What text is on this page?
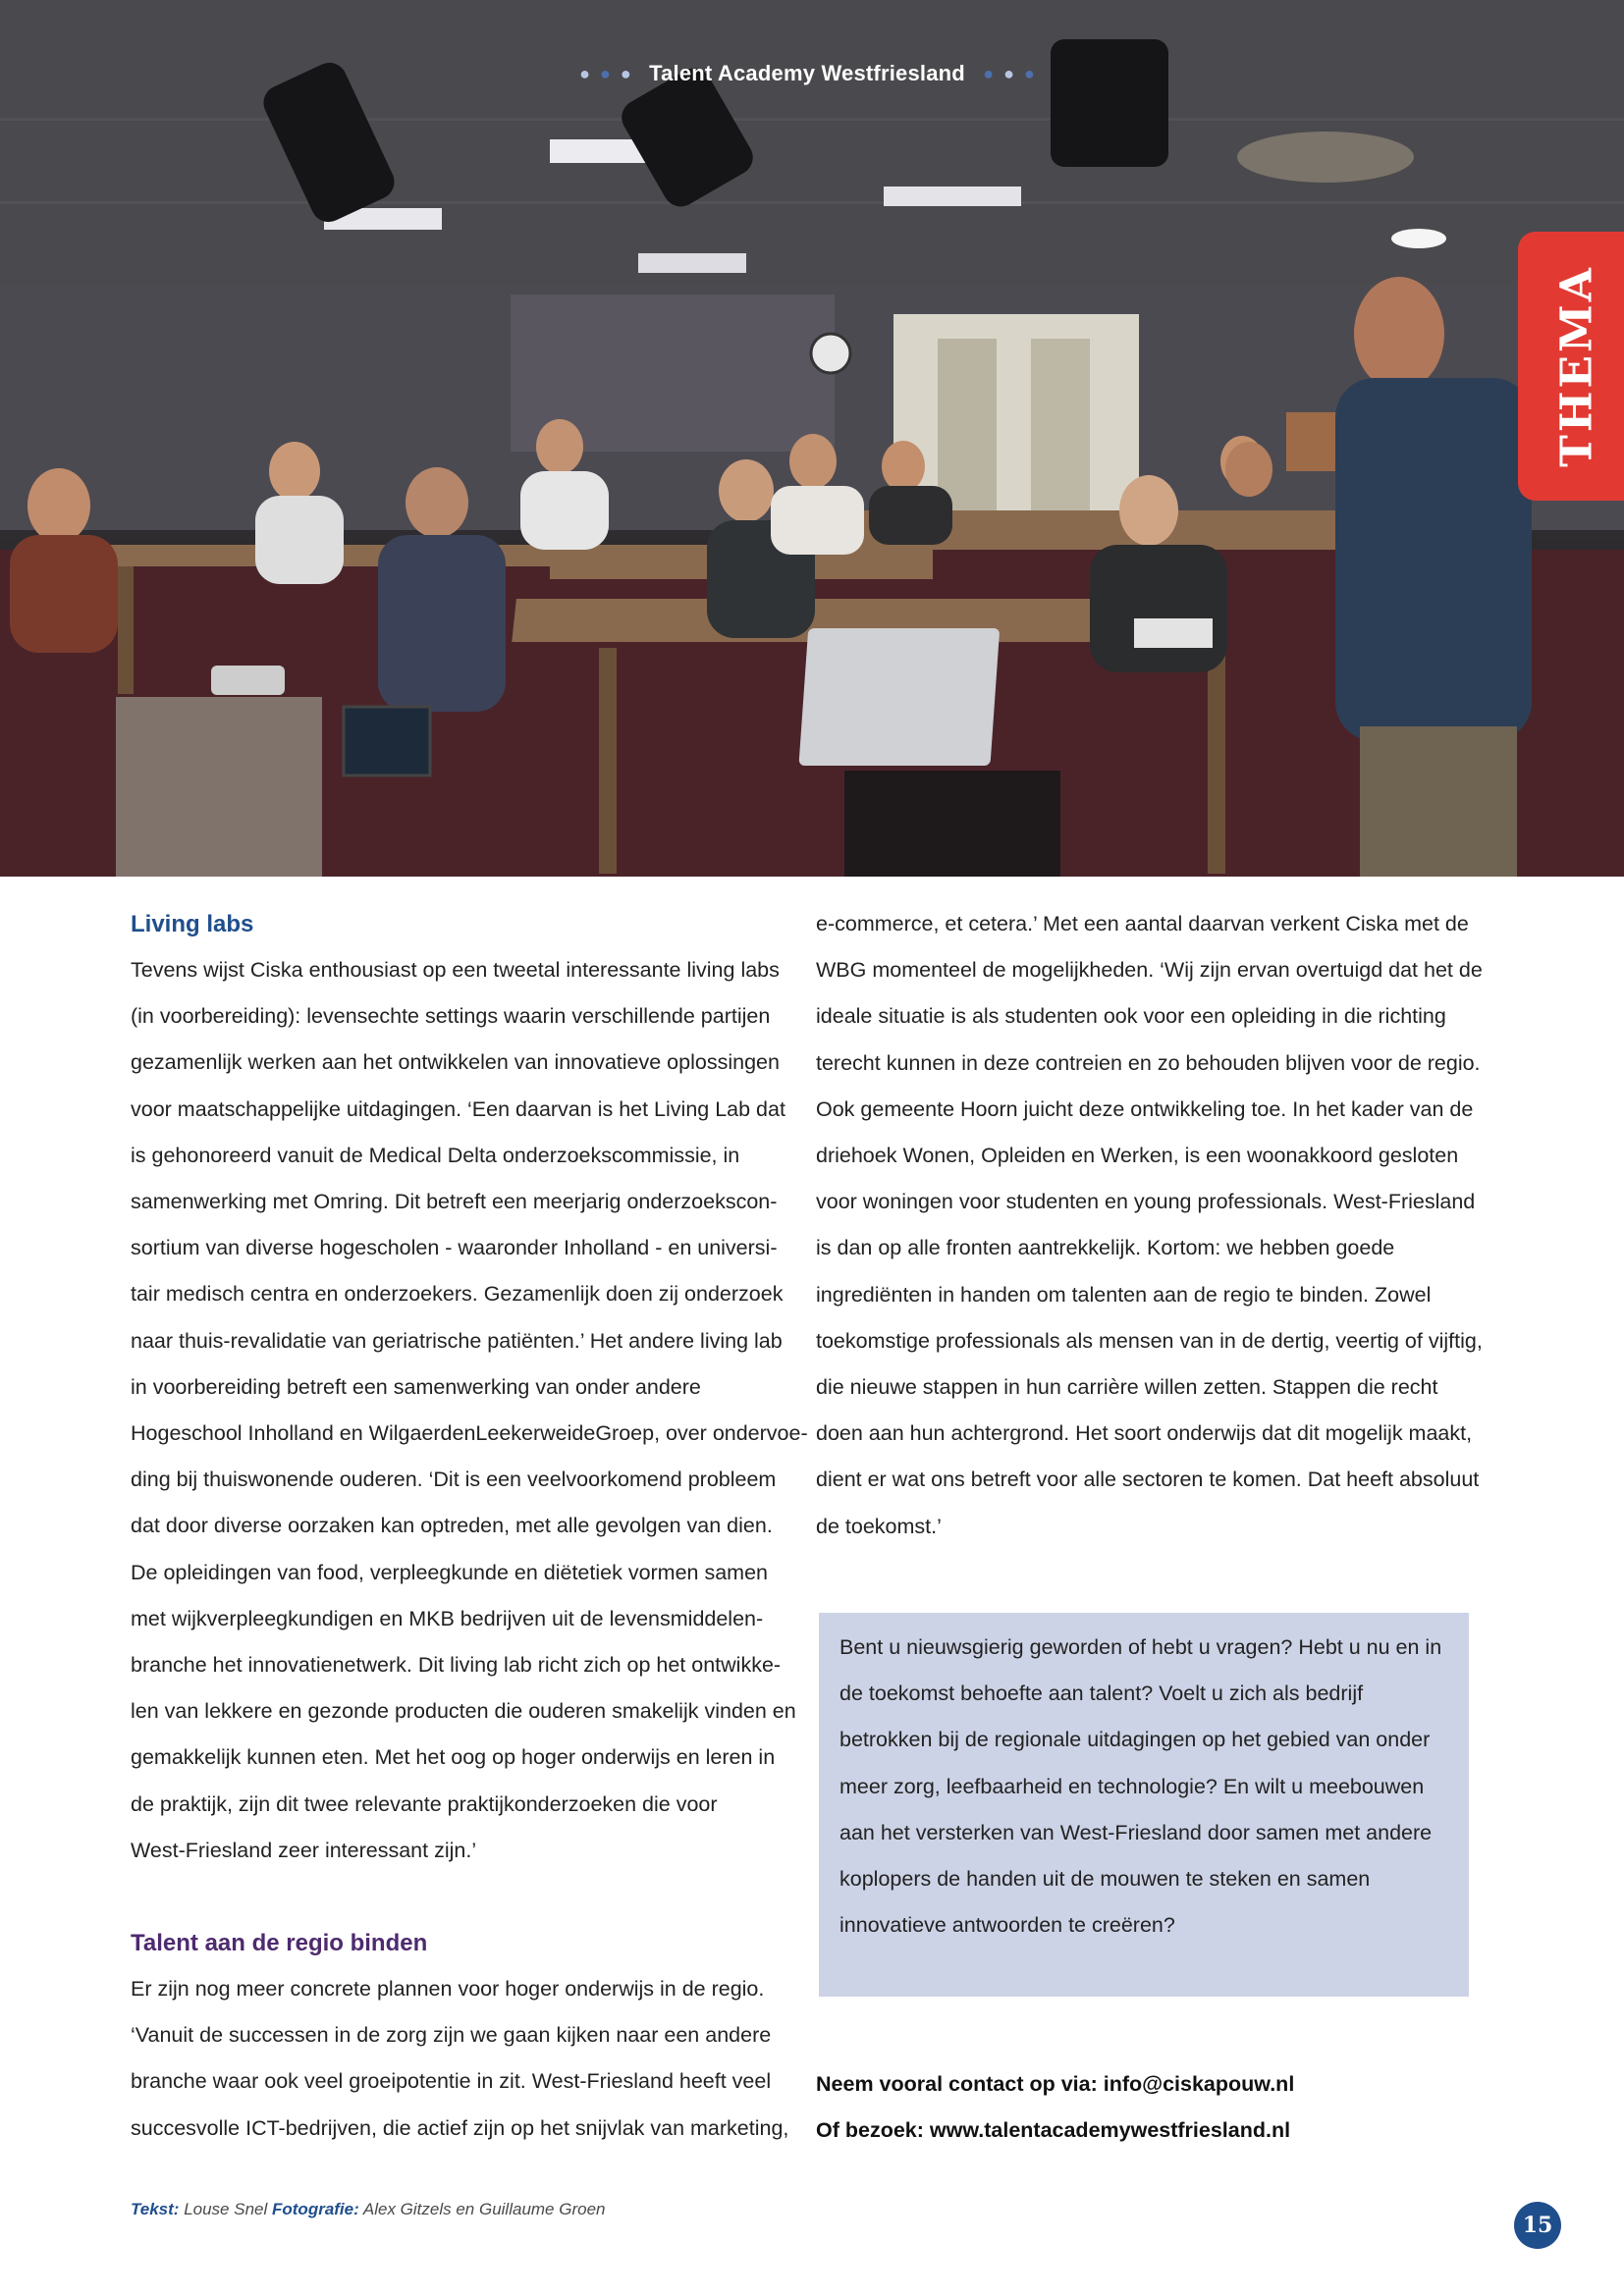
●●● Talent Academy Westfriesland ●●●
THEMA
Living labs

Tevens wijst Ciska enthousiast op een tweetal interessante living labs
(in voorbereiding): levensechte settings waarin verschillende partijen
gezamenlijk werken aan het ontwikkelen van innovatieve oplossingen
voor maatschappelijke uitdagingen. ‘Een daarvan is het Living Lab dat
is gehonoreerd vanuit de Medical Delta onderzoekscommissie, in
samenwerking met Omring. Dit betreft een meerjarig onderzoekscon-
sortium van diverse hogescholen - waaronder Inholland - en universi-
tair medisch centra en onderzoekers. Gezamenlijk doen zij onderzoek
naar thuis-revalidatie van geriatrische patiënten.’ Het andere living lab
in voorbereiding betreft een samenwerking van onder andere
Hogeschool Inholland en WilgaerdenLeekerweideGroep, over ondervoe-
ding bij thuiswonende ouderen. ‘Dit is een veelvoorkomend probleem
dat door diverse oorzaken kan optreden, met alle gevolgen van dien.
De opleidingen van food, verpleegkunde en diëtetiek vormen samen
met wijkverpleegkundigen en MKB bedrijven uit de levensmiddelen-
branche het innovatienetwerk. Dit living lab richt zich op het ontwikke-
len van lekkere en gezonde producten die ouderen smakelijk vinden en
gemakkelijk kunnen eten. Met het oog op hoger onderwijs en leren in
de praktijk, zijn dit twee relevante praktijkonderzoeken die voor
West-Friesland zeer interessant zijn.’

Talent aan de regio binden

Er zijn nog meer concrete plannen voor hoger onderwijs in de regio.
‘Vanuit de successen in de zorg zijn we gaan kijken naar een andere
branche waar ook veel groeipotentie in zit. West-Friesland heeft veel
succesvolle ICT-bedrijven, die actief zijn op het snijvlak van marketing,

e-commerce, et cetera.’ Met een aantal daarvan verkent Ciska met de
WBG momenteel de mogelijkheden. ‘Wij zijn ervan overtuigd dat het de
ideale situatie is als studenten ook voor een opleiding in die richting
terecht kunnen in deze contreien en zo behouden blijven voor de regio.
Ook gemeente Hoorn juicht deze ontwikkeling toe. In het kader van de
driehoek Wonen, Opleiden en Werken, is een woonakkoord gesloten
voor woningen voor studenten en young professionals. West-Friesland
is dan op alle fronten aantrekkelijk. Kortom: we hebben goede
ingrediënten in handen om talenten aan de regio te binden. Zowel
toekomstige professionals als mensen van in de dertig, veertig of vijftig,
die nieuwe stappen in hun carrière willen zetten. Stappen die recht
doen aan hun achtergrond. Het soort onderwijs dat dit mogelijk maakt,
dient er wat ons betreft voor alle sectoren te komen. Dat heeft absoluut
de toekomst.’

Bent u nieuwsgierig geworden of hebt u vragen? Hebt u nu en in
de toekomst behoefte aan talent? Voelt u zich als bedrijf
betrokken bij de regionale uitdagingen op het gebied van onder
meer zorg, leefbaarheid en technologie? En wilt u meebouwen
aan het versterken van West-Friesland door samen met andere
koplopers de handen uit de mouwen te steken en samen
innovatieve antwoorden te creëren?
Neem vooral contact op via: info@ciskapouw.nl
Of bezoek: www.talentacademywestfriesland.nl
Tekst: Louse Snel Fotografie: Alex Gitzels en Guillaume Groen
15
